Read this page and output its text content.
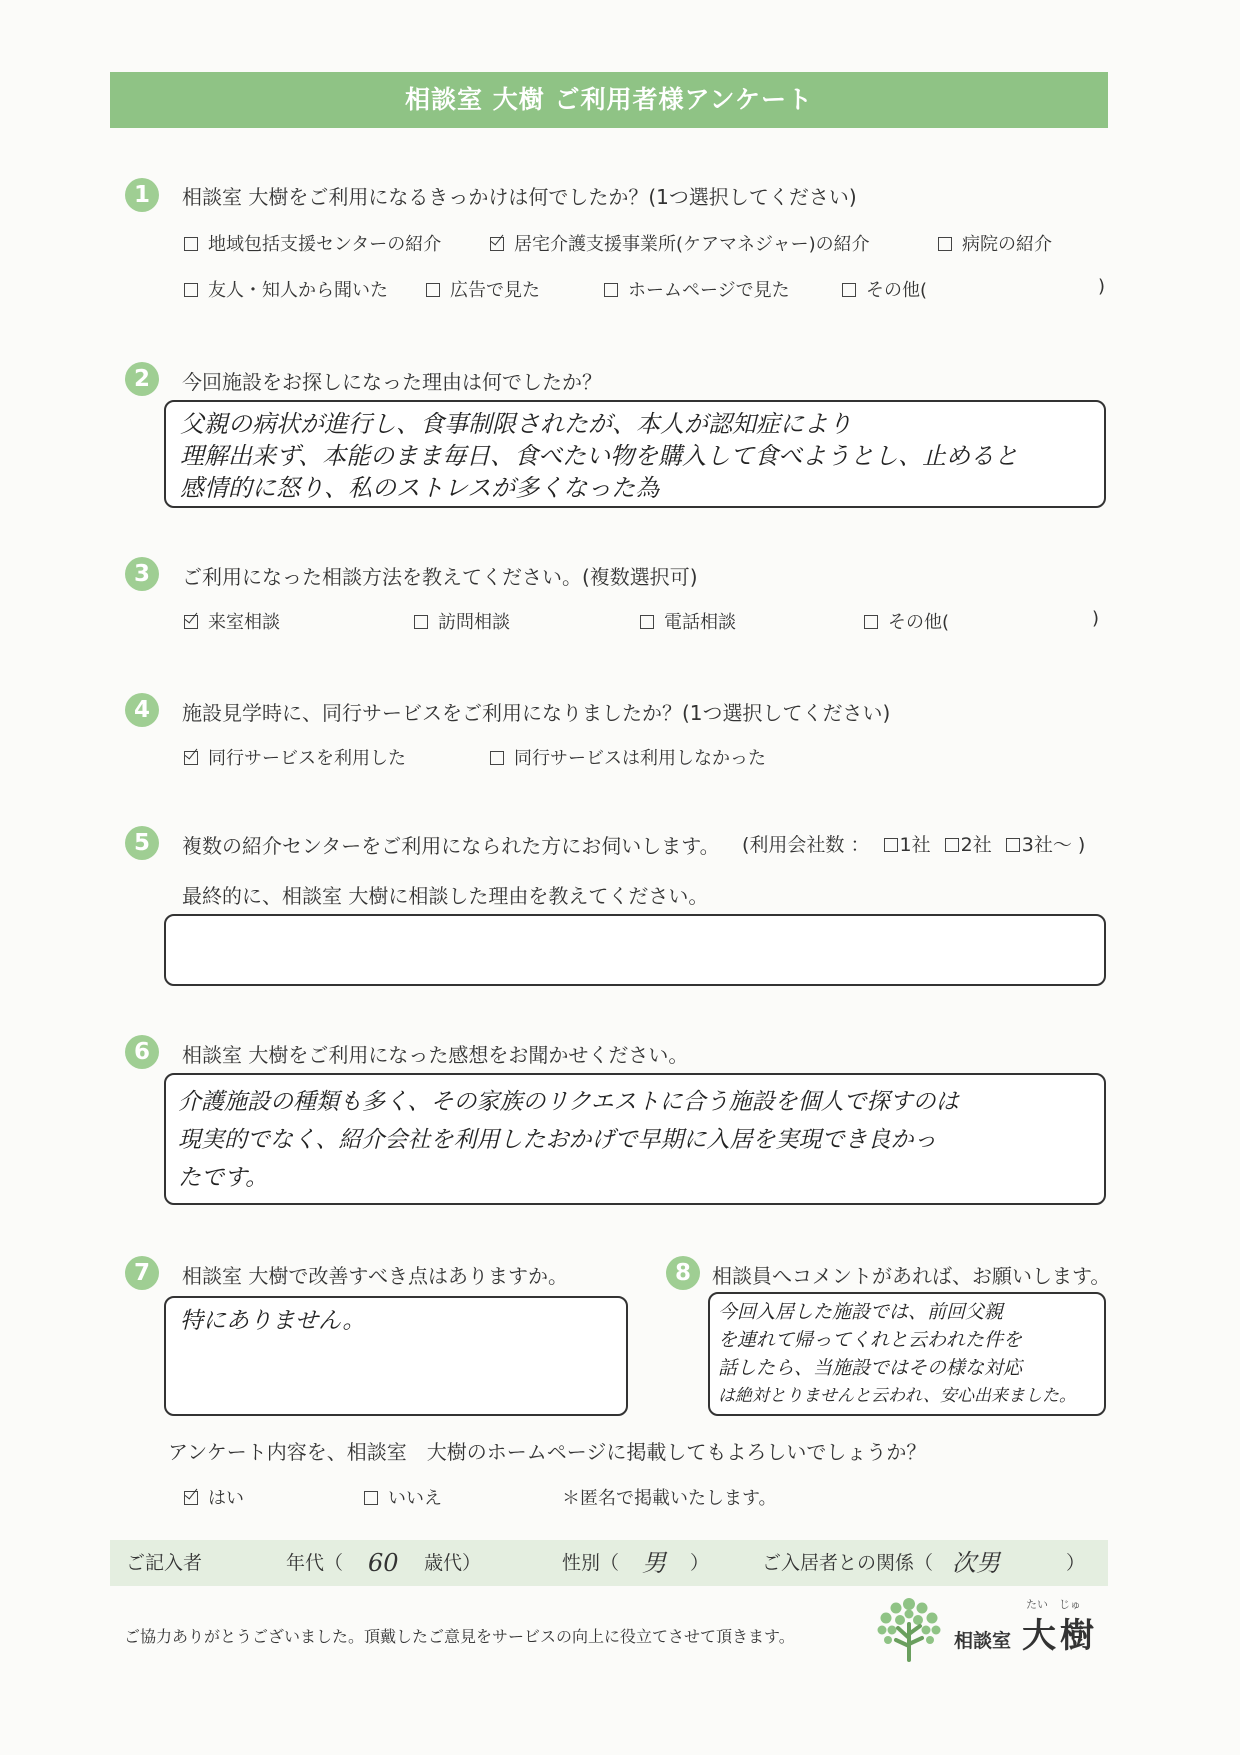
相談室 大樹 ご利用者様アンケート
1	相談室 大樹をご利用になるきっかけは何でしたか？(1つ選択してください)
地域包括支援センターの紹介	居宅介護支援事業所(ケアマネジャー)の紹介	病院の紹介
友人・知人から聞いた	広告で見た	ホームページで見た	その他(	)
2	今回施設をお探しになった理由は何でしたか？

父親の病状が進行し、食事制限されたが、本人が認知症により

理解出来ず、本能のまま毎日、食べたい物を購入して食べようとし、止めると

感情的に怒り、私のストレスが多くなった為

3	ご利用になった相談方法を教えてください。(複数選択可)
来室相談	訪問相談	電話相談	その他(	)
4	施設見学時に、同行サービスをご利用になりましたか？(1つ選択してください)
同行サービスを利用した	同行サービスは利用しなかった
5	複数の紹介センターをご利用になられた方にお伺いします。 (利用会社数 ： 1社 2社 3社〜 )
最終的に、相談室 大樹に相談した理由を教えてください。
6	相談室 大樹をご利用になった感想をお聞かせください。

介護施設の種類も多く、その家族のリクエストに合う施設を個人で探すのは

現実的でなく、紹介会社を利用したおかげで早期に入居を実現でき良かっ

たです。

7	相談室 大樹で改善すべき点はありますか。

特にありません。

8	相談員へコメントがあれば、お願いします。

今回入居した施設では、前回父親

を連れて帰ってくれと云われた件を

話したら、当施設ではその様な対応

は絶対とりませんと云われ、安心出来ました。

アンケート内容を、相談室　大樹のホームページに掲載してもよろしいでしょうか？
はい	いいえ	＊匿名で掲載いたします。
ご記入者	年代（ 60 歳代）	性別（ 男 ）	ご入居者との関係（ 次男	）
ご協力ありがとうございました。頂戴したご意見をサービスの向上に役立てさせて頂きます。	相談室
たい じゅ
大樹
